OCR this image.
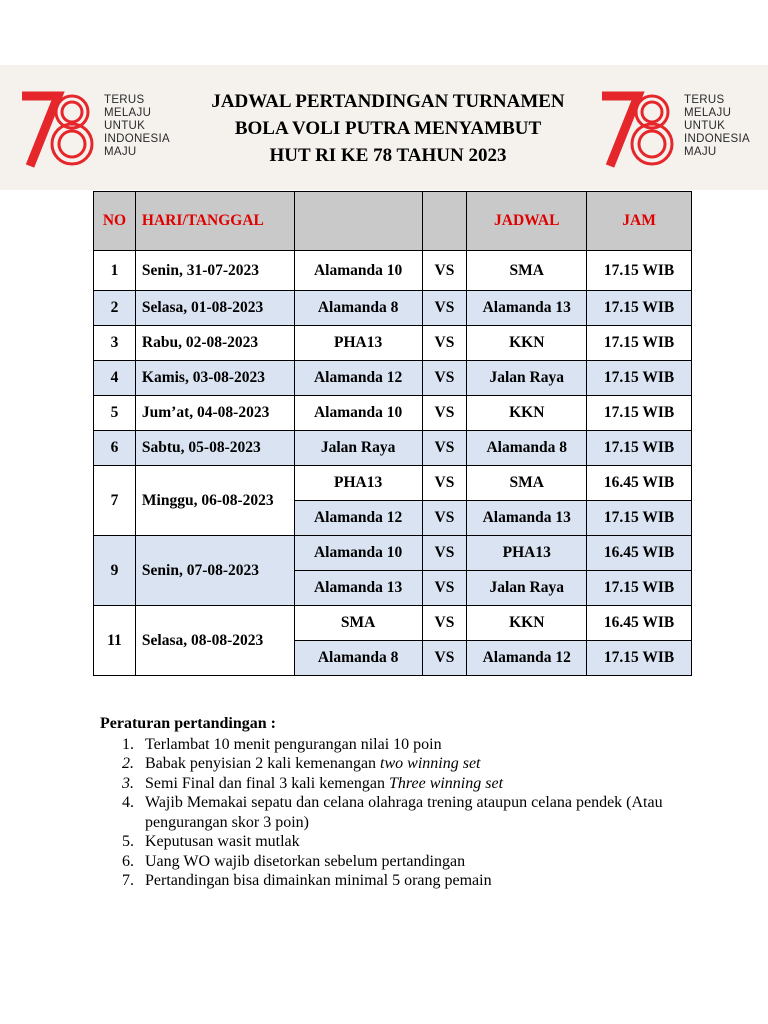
TERUS
MELAJU
UNTUK
INDONESIA
MAJU
TERUS
MELAJU
UNTUK
INDONESIA
MAJU
JADWAL PERTANDINGAN TURNAMEN
BOLA VOLI PUTRA MENYAMBUT
HUT RI KE 78 TAHUN 2023
NO	HARI/TANGGAL			JADWAL	JAM
1	Senin, 31-07-2023	Alamanda 10	VS	SMA	17.15 WIB
2	Selasa, 01-08-2023	Alamanda 8	VS	Alamanda 13	17.15 WIB
3	Rabu, 02-08-2023	PHA13	VS	KKN	17.15 WIB
4	Kamis, 03-08-2023	Alamanda 12	VS	Jalan Raya	17.15 WIB
5	Jum’at, 04-08-2023	Alamanda 10	VS	KKN	17.15 WIB
6	Sabtu, 05-08-2023	Jalan Raya	VS	Alamanda 8	17.15 WIB
7	Minggu, 06-08-2023	PHA13	VS	SMA	16.45 WIB
		Alamanda 12	VS	Alamanda 13	17.15 WIB
9	Senin, 07-08-2023	Alamanda 10	VS	PHA13	16.45 WIB
		Alamanda 13	VS	Jalan Raya	17.15 WIB
11	Selasa, 08-08-2023	SMA	VS	KKN	16.45 WIB
		Alamanda 8	VS	Alamanda 12	17.15 WIB
Peraturan pertandingan :
1. Terlambat 10 menit pengurangan nilai 10 poin
2. Babak penyisian 2 kali kemenangan two winning set
3. Semi Final dan final 3 kali kemengan Three winning set
4. Wajib Memakai sepatu dan celana olahraga trening ataupun celana pendek (Atau pengurangan skor 3 poin)
5. Keputusan wasit mutlak
6. Uang WO wajib disetorkan sebelum pertandingan
7. Pertandingan bisa dimainkan minimal 5 orang pemain
